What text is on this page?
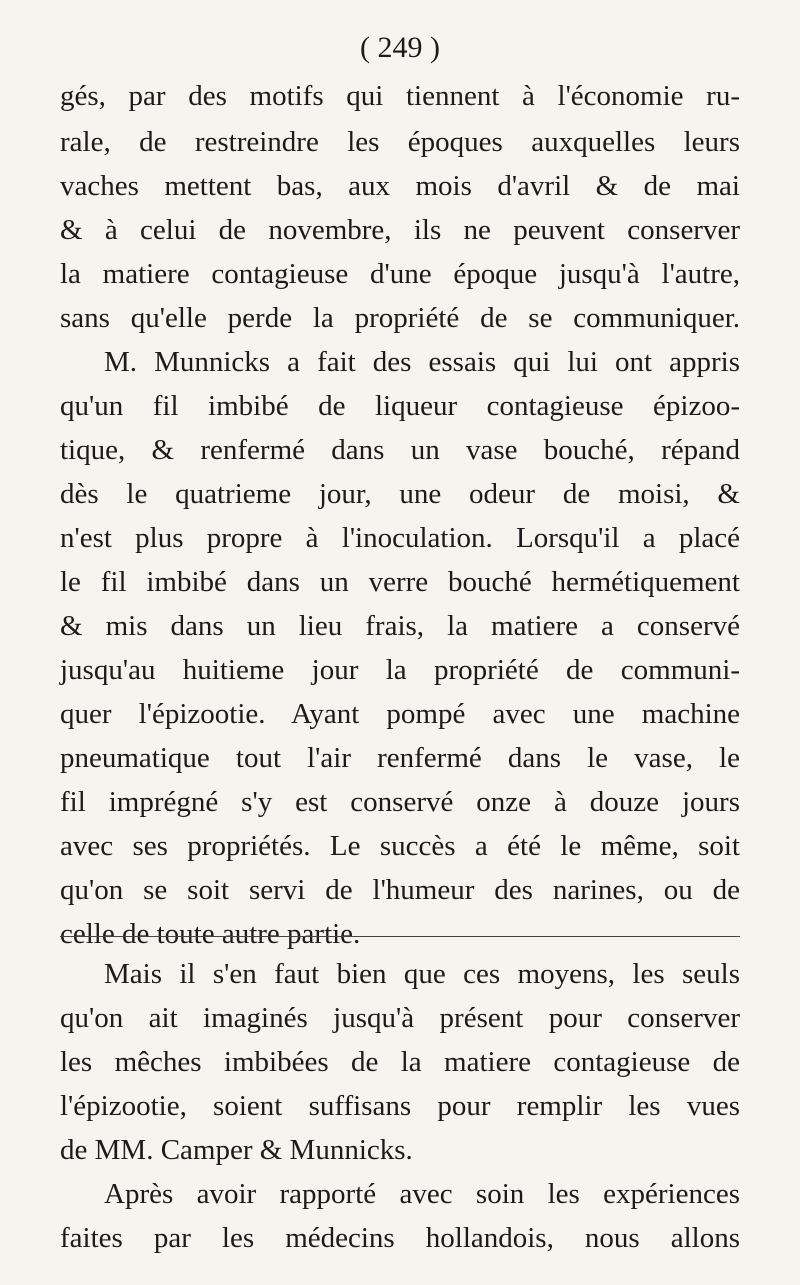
( 249 )
gés, par des motifs qui tiennent à l'économie ru-
rale, de restreindre les époques auxquelles leurs
vaches mettent bas, aux mois d'avril & de mai
& à celui de novembre, ils ne peuvent conserver
la matiere contagieuse d'une époque jusqu'à l'autre,
sans qu'elle perde la propriété de se communiquer.
M. Munnicks a fait des essais qui lui ont appris
qu'un fil imbibé de liqueur contagieuse épizoo-
tique, & renfermé dans un vase bouché, répand
dès le quatrieme jour, une odeur de moisi, &
n'est plus propre à l'inoculation. Lorsqu'il a placé
le fil imbibé dans un verre bouché hermétiquement
& mis dans un lieu frais, la matiere a conservé
jusqu'au huitieme jour la propriété de communi-
quer l'épizootie. Ayant pompé avec une machine
pneumatique tout l'air renfermé dans le vase, le
fil imprégné s'y est conservé onze à douze jours
avec ses propriétés. Le succès a été le même, soit
qu'on se soit servi de l'humeur des narines, ou de
celle de toute autre partie.
Mais il s'en faut bien que ces moyens, les seuls
qu'on ait imaginés jusqu'à présent pour conserver
les mêches imbibées de la matiere contagieuse de
l'épizootie, soient suffisans pour remplir les vues
de MM. Camper & Munnicks.
Après avoir rapporté avec soin les expériences
faites par les médecins hollandois, nous allons
